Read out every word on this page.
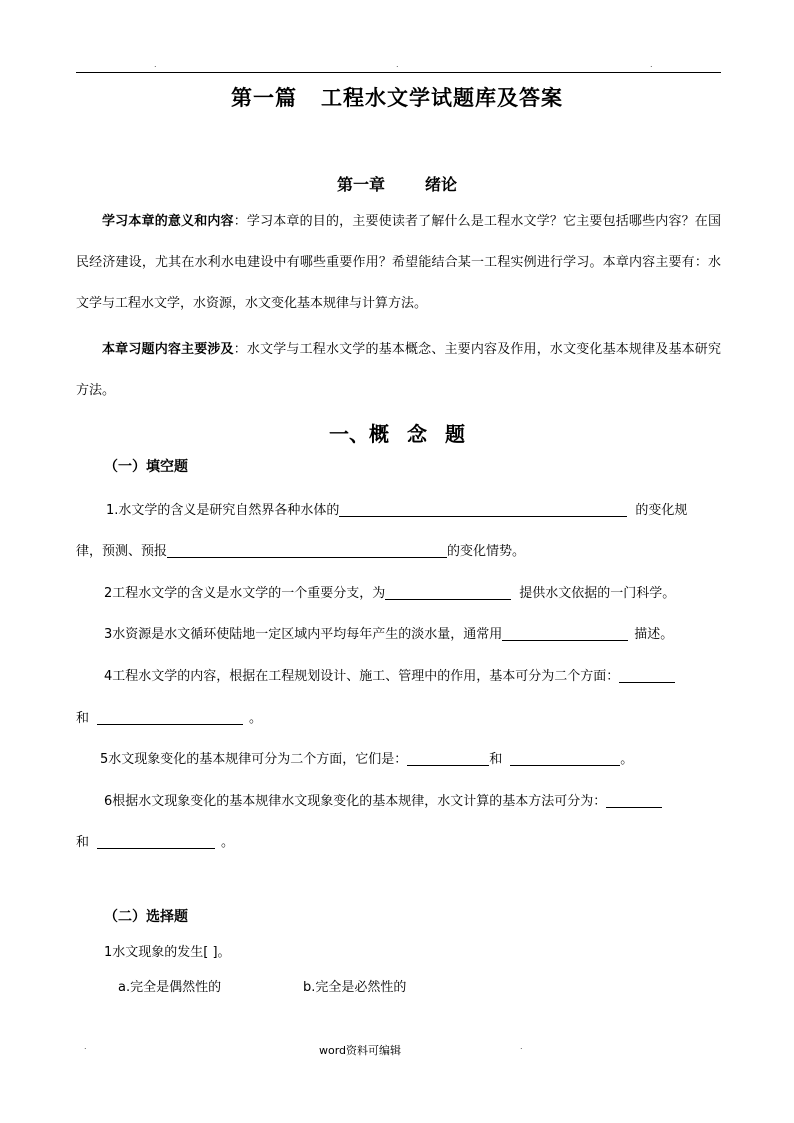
.	.	.
第一篇 工程水文学试题库及答案
第一章	绪论
学习本章的意义和内容：学习本章的目的，主要使读者了解什么是工程水文学？它主要包括哪些内容？在国民经济建设，尤其在水利水电建设中有哪些重要作用？希望能结合某一工程实例进行学习。本章内容主要有：水文学与工程水文学，水资源，水文变化基本规律与计算方法。
本章习题内容主要涉及：水文学与工程水文学的基本概念、主要内容及作用，水文变化基本规律及基本研究方法。
一、概 念 题
（一）填空题
1.水文学的含义是研究自然界各种水体的	的变化规
律，预测、预报	的变化情势。
2工程水文学的含义是水文学的一个重要分支，为	提供水文依据的一门科学。
3水资源是水文循环使陆地一定区域内平均每年产生的淡水量，通常用	描述。
4工程水文学的内容，根据在工程规划设计、施工、管理中的作用，基本可分为二个方面：
和	。
5水文现象变化的基本规律可分为二个方面，它们是：	和	。
6根据水文现象变化的基本规律水文现象变化的基本规律，水文计算的基本方法可分为：
和	。
（二）选择题
1水文现象的发生[ ]。
a.完全是偶然性的	b.完全是必然性的
.	word资料可编辑	.
